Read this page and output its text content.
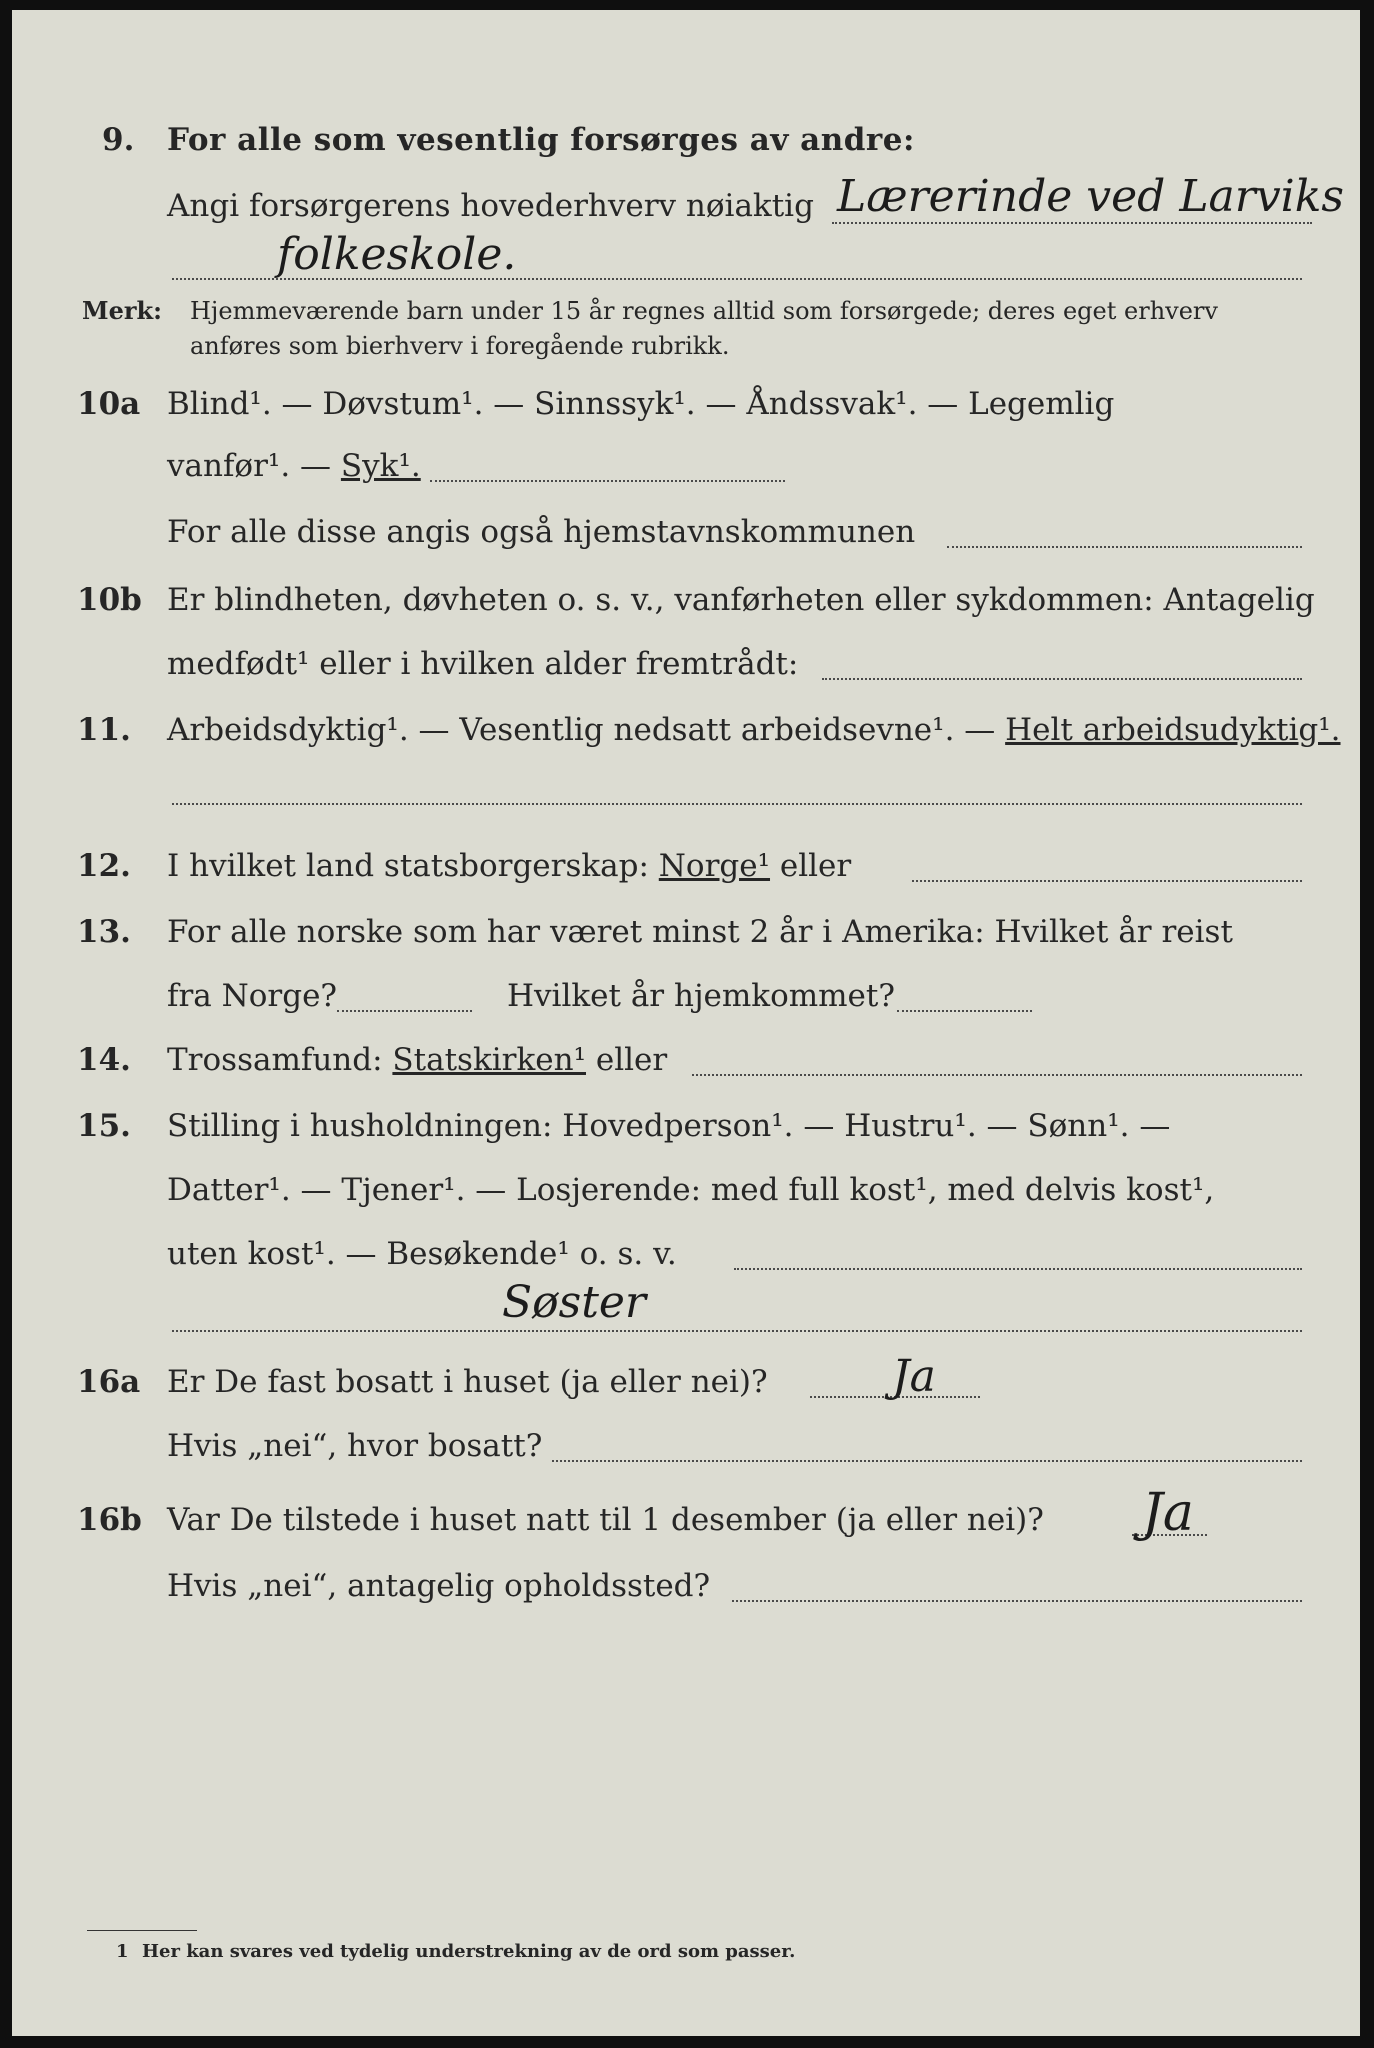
9. For alle som vesentlig forsørges av andre:
Angi forsørgerens hovederhverv nøiaktig Lærerinde ved Larviks
folkeskole.
Merk: Hjemmeværende barn under 15 år regnes alltid som forsørgede; deres eget erhverv
anføres som bierhverv i foregående rubrikk.
10a Blind¹. — Døvstum¹. — Sinnssyk¹. — Åndssvak¹. — Legemlig
vanfør¹. — Syk¹.
For alle disse angis også hjemstavnskommunen
10b Er blindheten, døvheten o. s. v., vanførheten eller sykdommen: Antagelig
medfødt¹ eller i hvilken alder fremtrådt:
11. Arbeidsdyktig¹. — Vesentlig nedsatt arbeidsevne¹. — Helt arbeidsudyktig¹.
12. I hvilket land statsborgerskap: Norge¹ eller
13. For alle norske som har været minst 2 år i Amerika: Hvilket år reist
fra Norge?	Hvilket år hjemkommet?
14. Trossamfund: Statskirken¹ eller
15. Stilling i husholdningen: Hovedperson¹. — Hustru¹. — Sønn¹. —
Datter¹. — Tjener¹. — Losjerende: med full kost¹, med delvis kost¹,
uten kost¹. — Besøkende¹ o. s. v.
Søster
16a Er De fast bosatt i huset (ja eller nei)?	Ja
Hvis „nei“, hvor bosatt?
16b Var De tilstede i huset natt til 1 desember (ja eller nei)? Ja
Hvis „nei“, antagelig opholdssted?
1 Her kan svares ved tydelig understrekning av de ord som passer.
